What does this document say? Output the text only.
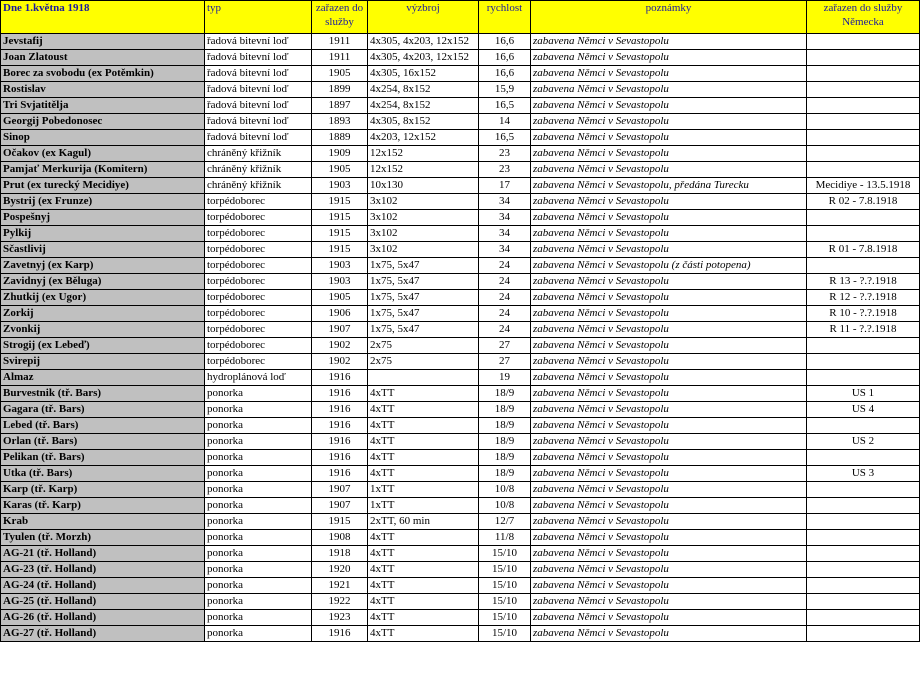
Dne 1.května 1918	typ	zařazen do služby	výzbroj	rychlost	poznámky	zařazen do služby Německa
Jevstafij	řadová bitevní loď	1911	4x305, 4x203, 12x152	16,6	zabavena Němci v Sevastopolu	
Joan Zlatoust	řadová bitevní loď	1911	4x305, 4x203, 12x152	16,6	zabavena Němci v Sevastopolu	
Borec za svobodu (ex Potěmkin)	řadová bitevní loď	1905	4x305, 16x152	16,6	zabavena Němci v Sevastopolu	
Rostislav	řadová bitevní loď	1899	4x254, 8x152	15,9	zabavena Němci v Sevastopolu	
Tri Svjatitělja	řadová bitevní loď	1897	4x254, 8x152	16,5	zabavena Němci v Sevastopolu	
Georgij Pobedonosec	řadová bitevní loď	1893	4x305, 8x152	14	zabavena Němci v Sevastopolu	
Sinop	řadová bitevní loď	1889	4x203, 12x152	16,5	zabavena Němci v Sevastopolu	
Očakov (ex Kagul)	chráněný křižník	1909	12x152	23	zabavena Němci v Sevastopolu	
Pamjať Merkurija (Komitern)	chráněný křižník	1905	12x152	23	zabavena Němci v Sevastopolu	
Prut (ex turecký Mecidiye)	chráněný křižník	1903	10x130	17	zabavena Němci v Sevastopolu, předána Turecku	Mecidiye - 13.5.1918
Bystrij (ex Frunze)	torpédoborec	1915	3x102	34	zabavena Němci v Sevastopolu	R 02 - 7.8.1918
Pospešnyj	torpédoborec	1915	3x102	34	zabavena Němci v Sevastopolu	
Pylkij	torpédoborec	1915	3x102	34	zabavena Němci v Sevastopolu	
Sčastlivij	torpédoborec	1915	3x102	34	zabavena Němci v Sevastopolu	R 01 - 7.8.1918
Zavetnyj (ex Karp)	torpédoborec	1903	1x75, 5x47	24	zabavena Němci v Sevastopolu (z části potopena)	
Zavidnyj (ex Běluga)	torpédoborec	1903	1x75, 5x47	24	zabavena Němci v Sevastopolu	R 13 - ?.?.1918
Zhutkij (ex Ugor)	torpédoborec	1905	1x75, 5x47	24	zabavena Němci v Sevastopolu	R 12 - ?.?.1918
Zorkij	torpédoborec	1906	1x75, 5x47	24	zabavena Němci v Sevastopolu	R 10 - ?.?.1918
Zvonkij	torpédoborec	1907	1x75, 5x47	24	zabavena Němci v Sevastopolu	R 11 - ?.?.1918
Strogij (ex Lebeď)	torpédoborec	1902	2x75	27	zabavena Němci v Sevastopolu	
Svirepij	torpédoborec	1902	2x75	27	zabavena Němci v Sevastopolu	
Almaz	hydroplánová loď	1916		19	zabavena Němci v Sevastopolu	
Burvestnik (tř. Bars)	ponorka	1916	4xTT	18/9	zabavena Němci v Sevastopolu	US 1
Gagara (tř. Bars)	ponorka	1916	4xTT	18/9	zabavena Němci v Sevastopolu	US 4
Lebed (tř. Bars)	ponorka	1916	4xTT	18/9	zabavena Němci v Sevastopolu	
Orlan (tř. Bars)	ponorka	1916	4xTT	18/9	zabavena Němci v Sevastopolu	US 2
Pelikan (tř. Bars)	ponorka	1916	4xTT	18/9	zabavena Němci v Sevastopolu	
Utka (tř. Bars)	ponorka	1916	4xTT	18/9	zabavena Němci v Sevastopolu	US 3
Karp (tř. Karp)	ponorka	1907	1xTT	10/8	zabavena Němci v Sevastopolu	
Karas (tř. Karp)	ponorka	1907	1xTT	10/8	zabavena Němci v Sevastopolu	
Krab	ponorka	1915	2xTT, 60 min	12/7	zabavena Němci v Sevastopolu	
Tyulen (tř. Morzh)	ponorka	1908	4xTT	11/8	zabavena Němci v Sevastopolu	
AG-21 (tř. Holland)	ponorka	1918	4xTT	15/10	zabavena Němci v Sevastopolu	
AG-23 (tř. Holland)	ponorka	1920	4xTT	15/10	zabavena Němci v Sevastopolu	
AG-24 (tř. Holland)	ponorka	1921	4xTT	15/10	zabavena Němci v Sevastopolu	
AG-25 (tř. Holland)	ponorka	1922	4xTT	15/10	zabavena Němci v Sevastopolu	
AG-26 (tř. Holland)	ponorka	1923	4xTT	15/10	zabavena Němci v Sevastopolu	
AG-27 (tř. Holland)	ponorka	1916	4xTT	15/10	zabavena Němci v Sevastopolu	
